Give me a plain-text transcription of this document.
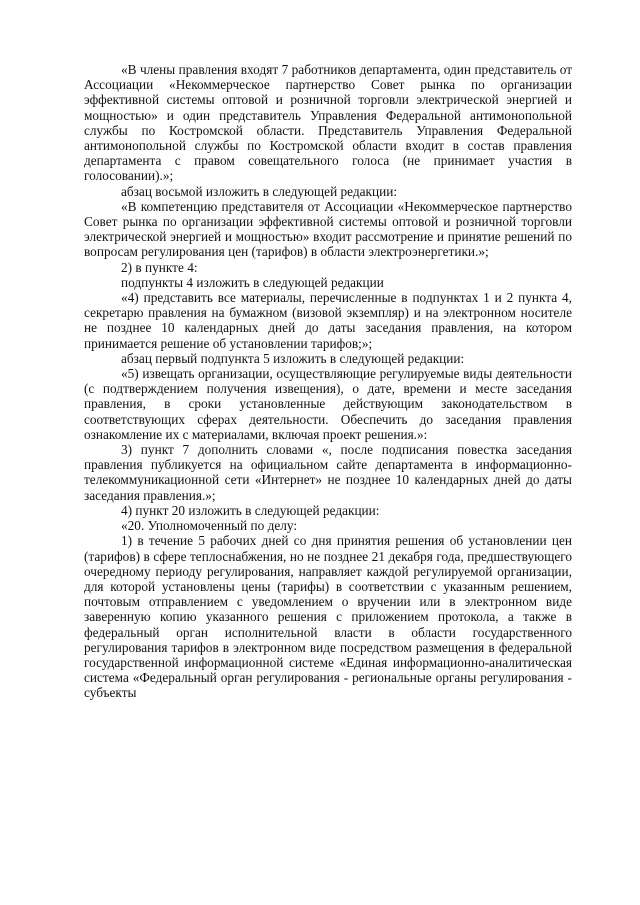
«В члены правления входят 7 работников департамента, один представитель от Ассоциации «Некоммерческое партнерство Совет рынка по организации эффективной системы оптовой и розничной торговли электрической энергией и мощностью» и один представитель Управления Федеральной антимонопольной службы по Костромской области. Представитель Управления Федеральной антимонопольной службы по Костромской области входит в состав правления департамента с правом совещательного голоса (не принимает участия в голосовании).»;

абзац восьмой изложить в следующей редакции:

«В компетенцию представителя от Ассоциации «Некоммерческое партнерство Совет рынка по организации эффективной системы оптовой и розничной торговли электрической энергией и мощностью» входит рассмотрение и принятие решений по вопросам регулирования цен (тарифов) в области электроэнергетики.»;

2) в пункте 4:

подпункты 4 изложить в следующей редакции

«4) представить все материалы, перечисленные в подпунктах 1 и 2 пункта 4, секретарю правления на бумажном (визовой экземпляр) и на электронном носителе не позднее 10 календарных дней до даты заседания правления, на котором принимается решение об установлении тарифов;»;

абзац первый подпункта 5 изложить в следующей редакции:

«5) извещать организации, осуществляющие регулируемые виды деятельности (с подтверждением получения извещения), о дате, времени и месте заседания правления, в сроки установленные действующим законодательством в соответствующих сферах деятельности. Обеспечить до заседания правления ознакомление их с материалами, включая проект решения.»:

3) пункт 7 дополнить словами «, после подписания повестка заседания правления публикуется на официальном сайте департамента в информационно-телекоммуникационной сети «Интернет» не позднее 10 календарных дней до даты заседания правления.»;

4) пункт 20 изложить в следующей редакции:

«20. Уполномоченный по делу:

1) в течение 5 рабочих дней со дня принятия решения об установлении цен (тарифов) в сфере теплоснабжения, но не позднее 21 декабря года, предшествующего очередному периоду регулирования, направляет каждой регулируемой организации, для которой установлены цены (тарифы) в соответствии с указанным решением, почтовым отправлением с уведомлением о вручении или в электронном виде заверенную копию указанного решения с приложением протокола, а также в федеральный орган исполнительной власти в области государственного регулирования тарифов в электронном виде посредством размещения в федеральной государственной информационной системе «Единая информационно-аналитическая система «Федеральный орган регулирования - региональные органы регулирования - субъекты
